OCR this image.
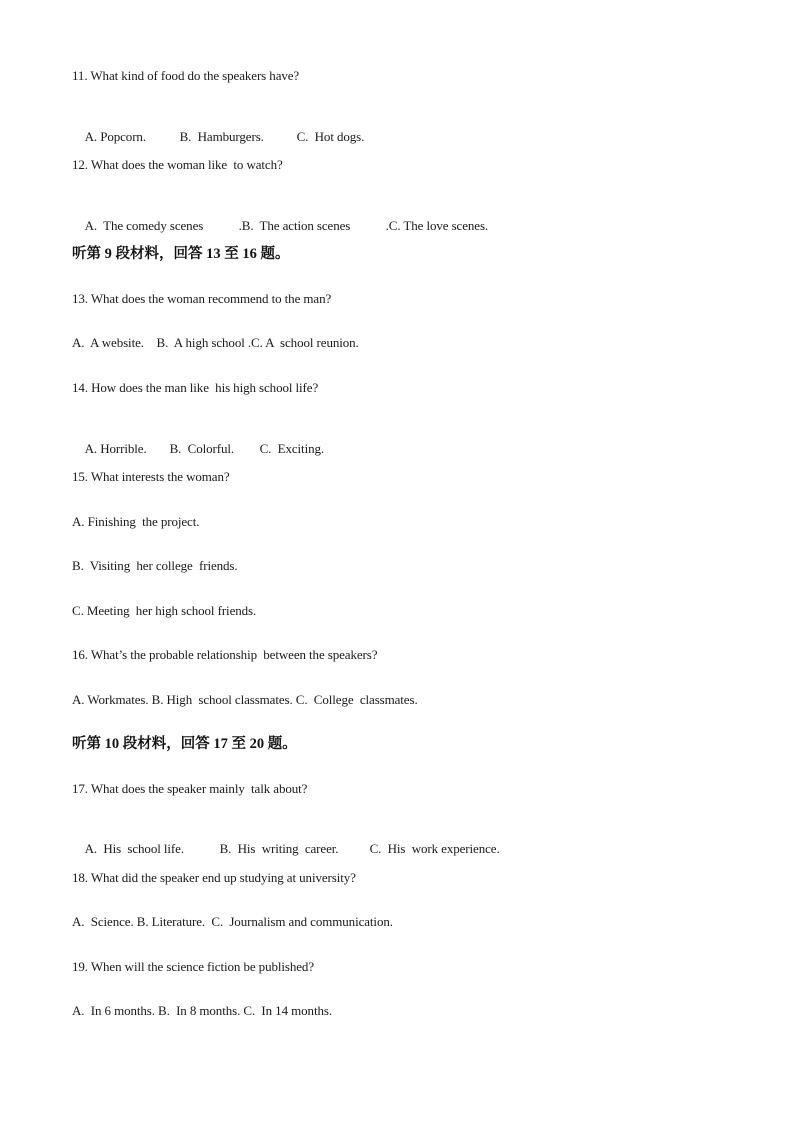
11. What kind of food do the speakers have?

A. Popcorn.	B.  Hamburgers.	C.  Hot dogs.

12. What does the woman like  to watch?

A.  The comedy scenes	.B.  The action scenes	.C. The love scenes.

听第 9 段材料，回答 13 至 16 题。
13. What does the woman recommend to the man?
A.  A website.    B.  A high school .C. A  school reunion.
14. How does the man like  his high school life?

A. Horrible. B.  Colorful. C.  Exciting.

15. What interests the woman?
A. Finishing  the project.
B.  Visiting  her college  friends.
C. Meeting  her high school friends.
16. What’s the probable relationship  between the speakers?
A. Workmates. B. High  school classmates. C.  College  classmates.
听第 10 段材料，回答 17 至 20 题。
17. What does the speaker mainly  talk about?

A.  His  school life.	B.  His  writing  career. C.  His  work experience.

18. What did the speaker end up studying at university?
A.  Science. B. Literature.  C.  Journalism and communication.
19. When will the science fiction be published?
A.  In 6 months. B.  In 8 months. C.  In 14 months.
